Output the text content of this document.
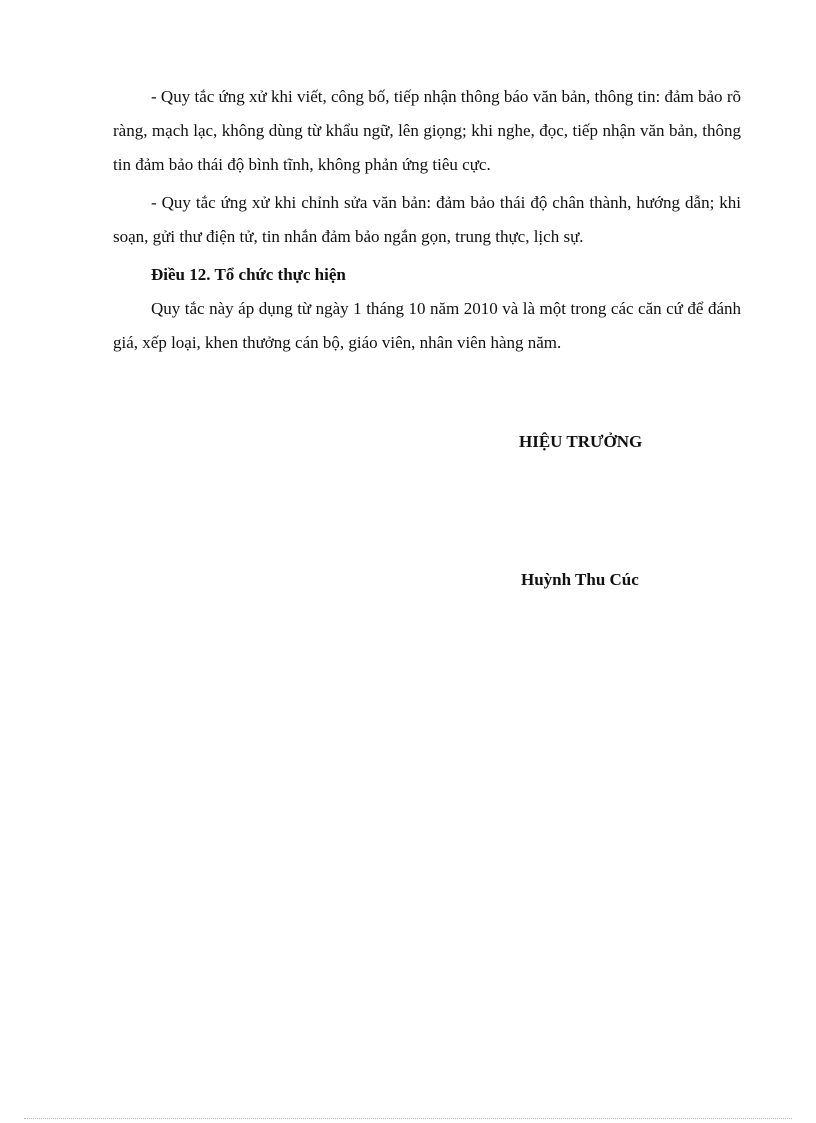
- Quy tắc ứng xử khi viết, công bố, tiếp nhận thông báo văn bản, thông tin: đảm bảo rõ ràng, mạch lạc, không dùng từ khẩu ngữ, lên giọng; khi nghe, đọc, tiếp nhận văn bản, thông tin đảm bảo thái độ bình tĩnh, không phản ứng tiêu cực.

- Quy tắc ứng xử khi chỉnh sửa văn bản: đảm bảo thái độ chân thành, hướng dẫn; khi soạn, gửi thư điện tử, tin nhắn đảm bảo ngắn gọn, trung thực, lịch sự.

Điều 12. Tổ chức thực hiện

Quy tắc này áp dụng từ ngày 1 tháng 10 năm 2010 và là một trong các căn cứ để đánh giá, xếp loại, khen thưởng cán bộ, giáo viên, nhân viên hàng năm.

HIỆU TRƯỞNG

Huỳnh Thu Cúc
